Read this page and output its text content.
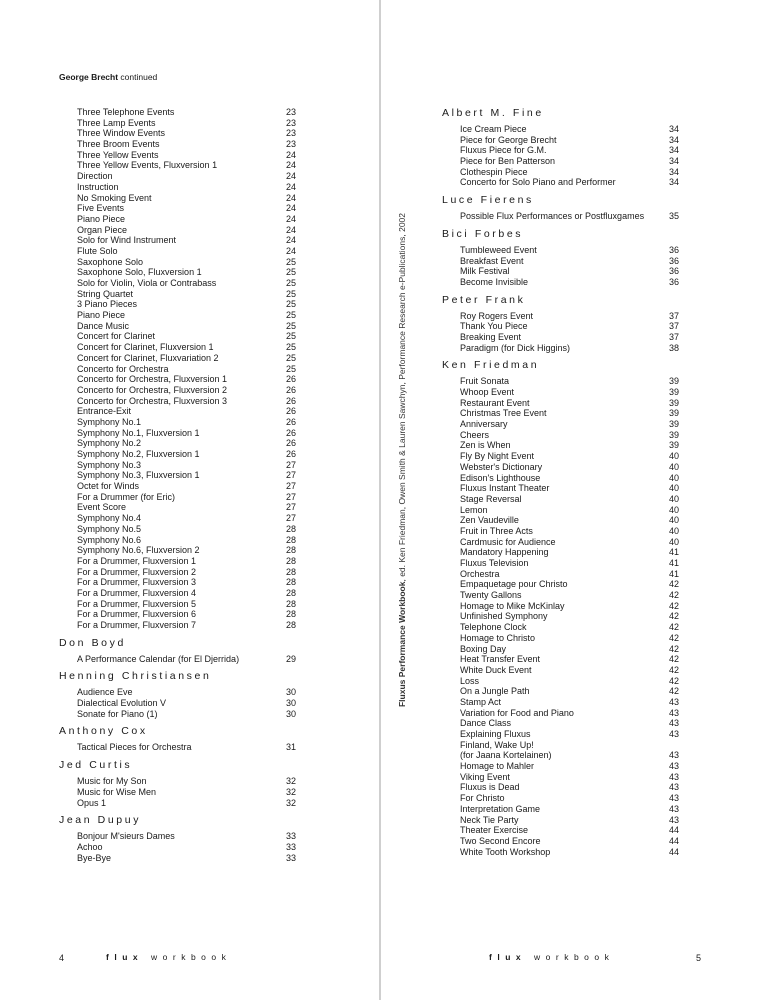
George Brecht continued
Three Telephone Events	23
Three Lamp Events	23
Three Window Events	23
Three Broom Events	23
Three Yellow Events	24
Three Yellow Events, Fluxversion 1	24
Direction	24
Instruction	24
No Smoking Event	24
Five Events	24
Piano Piece	24
Organ Piece	24
Solo for Wind Instrument	24
Flute Solo	24
Saxophone Solo	25
Saxophone Solo, Fluxversion 1	25
Solo for Violin, Viola or Contrabass	25
String Quartet	25
3 Piano Pieces	25
Piano Piece	25
Dance Music	25
Concert for Clarinet	25
Concert for Clarinet, Fluxversion 1	25
Concert for Clarinet, Fluxvariation 2	25
Concerto for Orchestra	25
Concerto for Orchestra, Fluxversion 1	26
Concerto for Orchestra, Fluxversion 2	26
Concerto for Orchestra, Fluxversion 3	26
Entrance-Exit	26
Symphony No.1	26
Symphony No.1, Fluxversion 1	26
Symphony No.2	26
Symphony No.2, Fluxversion 1	26
Symphony No.3	27
Symphony No.3, Fluxversion 1	27
Octet for Winds	27
For a Drummer (for Eric)	27
Event Score	27
Symphony No.4	27
Symphony No.5	28
Symphony No.6	28
Symphony No.6, Fluxversion 2	28
For a Drummer, Fluxversion 1	28
For a Drummer, Fluxversion 2	28
For a Drummer, Fluxversion 3	28
For a Drummer, Fluxversion 4	28
For a Drummer, Fluxversion 5	28
For a Drummer, Fluxversion 6	28
For a Drummer, Fluxversion 7	28
Don Boyd
A Performance Calendar (for El Djerrida)	29
Henning Christiansen
Audience Eve	30
Dialectical Evolution V	30
Sonate for Piano (1)	30
Anthony Cox
Tactical Pieces for Orchestra	31
Jed Curtis
Music for My Son	32
Music for Wise Men	32
Opus 1	32
Jean Dupuy
Bonjour M'sieurs Dames	33
Achoo	33
Bye-Bye	33
Albert M. Fine
Ice Cream Piece	34
Piece for George Brecht	34
Fluxus Piece for G.M.	34
Piece for Ben Patterson	34
Clothespin Piece	34
Concerto for Solo Piano and Performer	34
Luce Fierens
Possible Flux Performances or Postfluxgames	35
Bici Forbes
Tumbleweed Event	36
Breakfast Event	36
Milk Festival	36
Become Invisible	36
Peter Frank
Roy Rogers Event	37
Thank You Piece	37
Breaking Event	37
Paradigm (for Dick Higgins)	38
Ken Friedman
Fruit Sonata	39
Whoop Event	39
Restaurant Event	39
Christmas Tree Event	39
Anniversary	39
Cheers	39
Zen is When	39
Fly By Night Event	40
Webster's Dictionary	40
Edison's Lighthouse	40
Fluxus Instant Theater	40
Stage Reversal	40
Lemon	40
Zen Vaudeville	40
Fruit in Three Acts	40
Cardmusic for Audience	40
Mandatory Happening	41
Fluxus Television	41
Orchestra	41
Empaquetage pour Christo	42
Twenty Gallons	42
Homage to Mike McKinlay	42
Unfinished Symphony	42
Telephone Clock	42
Homage to Christo	42
Boxing Day	42
Heat Transfer Event	42
White Duck Event	42
Loss	42
On a Jungle Path	42
Stamp Act	43
Variation for Food and Piano	43
Dance Class	43
Explaining Fluxus	43
Finland, Wake Up!
(for Jaana Kortelainen)	43
Homage to Mahler	43
Viking Event	43
Fluxus is Dead	43
For Christo	43
Interpretation Game	43
Neck Tie Party	43
Theater Exercise	44
Two Second Encore	44
White Tooth Workshop	44
Fluxus Performance Workbook, ed. Ken Friedman, Owen Smith & Lauren Sawchyn, Performance Research e-Publications, 2002
4	flux workbook	flux workbook	5
